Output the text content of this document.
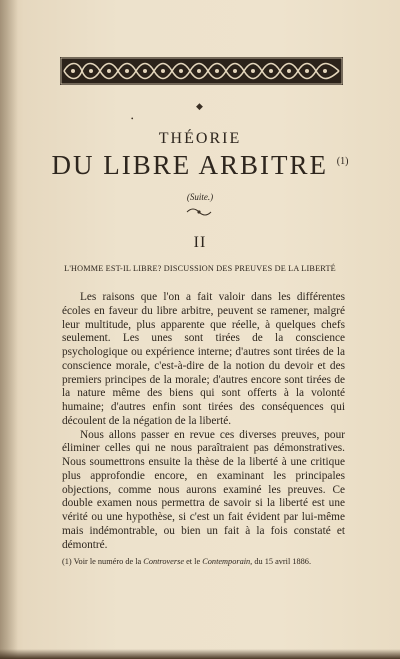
◆
•
THÉORIE
DU LIBRE ARBITRE $^{(1)}$
(Suite.)
II
L'HOMME EST-IL LIBRE? DISCUSSION DES PREUVES DE LA LIBERTÉ

Les raisons que l'on a fait valoir dans les différentes écoles en faveur du libre arbitre, peuvent se ramener, malgré leur multitude, plus apparente que réelle, à quelques chefs seulement. Les unes sont tirées de la conscience psychologique ou expérience interne; d'autres sont tirées de la conscience morale, c'est-à-dire de la notion du devoir et des premiers principes de la morale; d'autres encore sont tirées de la nature même des biens qui sont offerts à la volonté humaine; d'autres enfin sont tirées des conséquences qui découlent de la négation de la liberté.

Nous allons passer en revue ces diverses preuves, pour éliminer celles qui ne nous paraîtraient pas démonstratives. Nous soumettrons ensuite la thèse de la liberté à une critique plus approfondie encore, en examinant les principales objections, comme nous aurons examiné les preuves. Ce double examen nous permettra de savoir si la liberté est une vérité ou une hypothèse, si c'est un fait évident par lui-même mais indémontrable, ou bien un fait à la fois constaté et démontré.

(1) Voir le numéro de la Controverse et le Contemporain, du 15 avril 1886.
